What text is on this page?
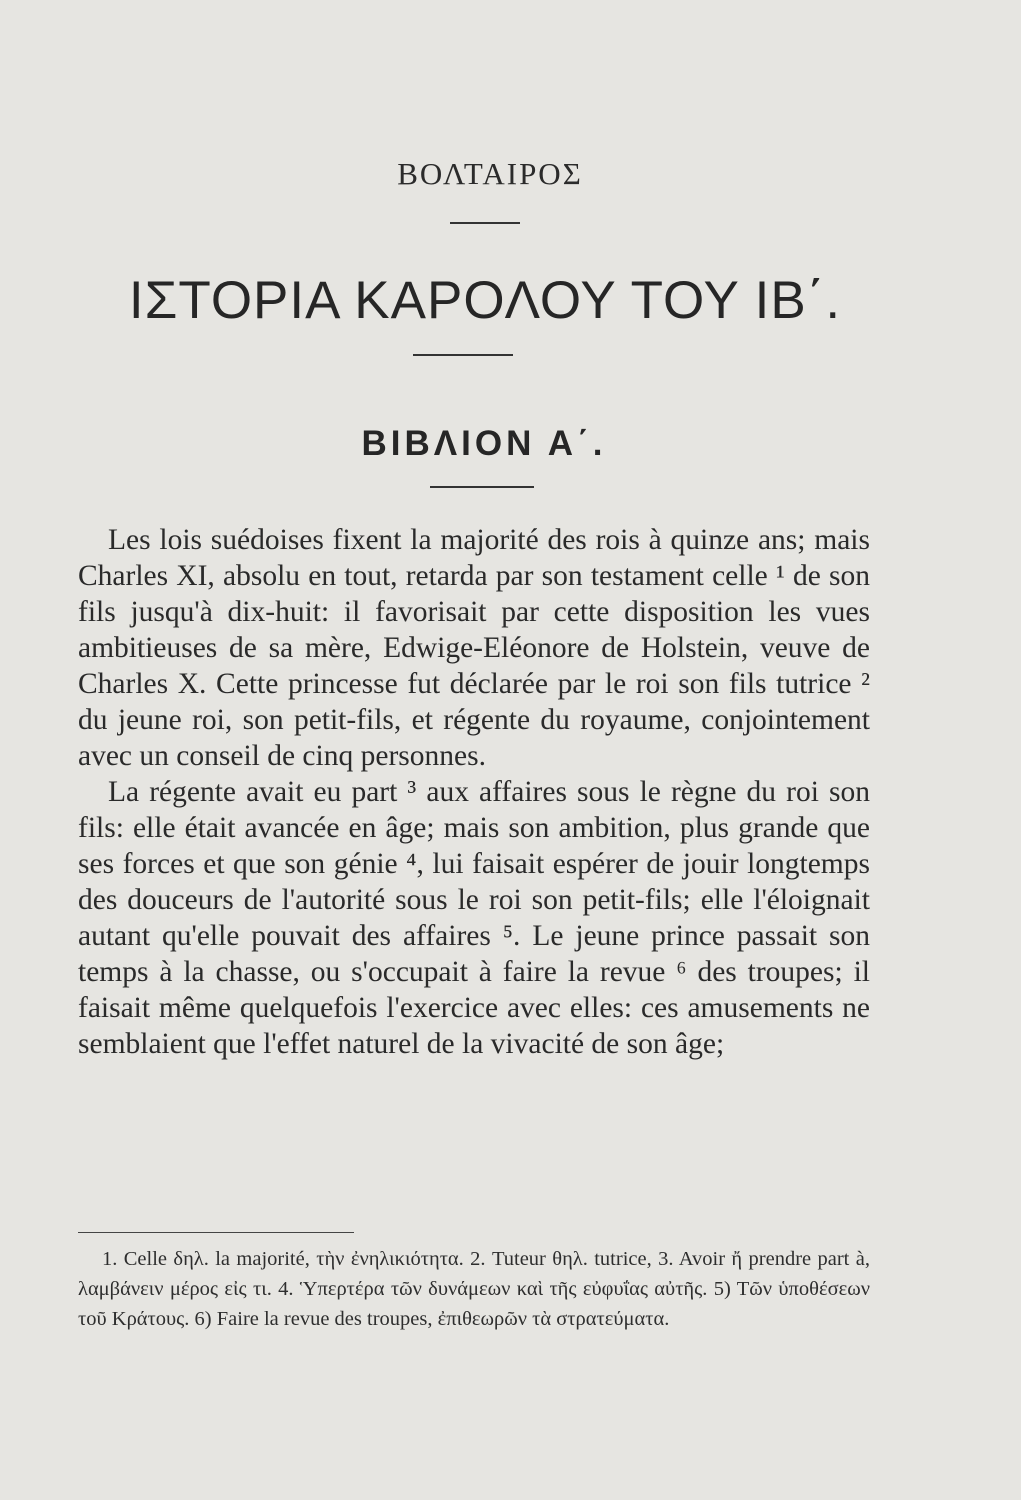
ΒΟΛΤΑΙΡΟΣ
ΙΣΤΟΡΙΑ ΚΑΡΟΛΟΥ ΤΟΥ ΙΒ΄.
ΒΙΒΛΙΟΝ Α΄.

Les lois suédoises fixent la majorité des rois à quinze ans; mais Charles XI, absolu en tout, retarda par son testament celle ¹ de son fils jusqu'à dix-huit: il favorisait par cette disposition les vues ambitieuses de sa mère, Edwige-Eléonore de Holstein, veuve de Charles X. Cette princesse fut déclarée par le roi son fils tutrice ² du jeune roi, son petit-fils, et régente du royaume, conjointement avec un conseil de cinq personnes.

La régente avait eu part ³ aux affaires sous le règne du roi son fils: elle était avancée en âge; mais son ambition, plus grande que ses forces et que son génie ⁴, lui faisait espérer de jouir longtemps des douceurs de l'autorité sous le roi son petit-fils; elle l'éloignait autant qu'elle pouvait des affaires ⁵. Le jeune prince passait son temps à la chasse, ou s'occupait à faire la revue ⁶ des troupes; il faisait même quelquefois l'exercice avec elles: ces amusements ne semblaient que l'effet naturel de la vivacité de son âge;

1. Celle δηλ. la majorité, τὴν ἐνηλικιότητα. 2. Tuteur θηλ. tutrice, 3. Avoir ἤ prendre part à, λαμβάνειν μέρος εἰς τι. 4. Ὑπερτέρα τῶν δυνάμεων καὶ τῆς εὐφυΐας αὐτῆς. 5) Τῶν ὑποθέσεων τοῦ Κράτους. 6) Faire la revue des troupes, ἐπιθεωρῶν τὰ στρατεύματα.
